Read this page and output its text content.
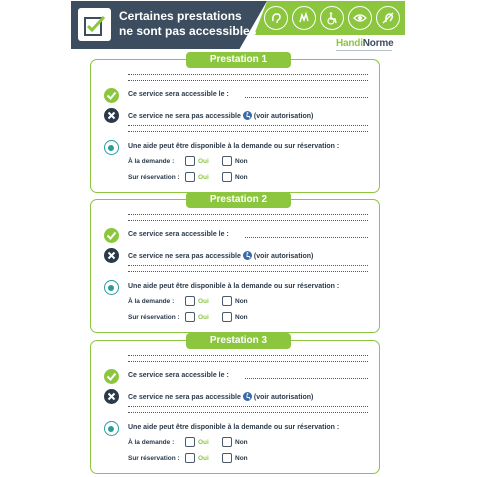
Certaines prestations
ne sont pas accessibles
HandiNorme
Prestation 1
Ce service sera accessible le :
Ce service ne sera pas accessible (voir autorisation)
Une aide peut être disponible à la demande ou sur réservation :
À la demande :	Oui	Non
Sur réservation :	Oui	Non
Prestation 2
Ce service sera accessible le :
Ce service ne sera pas accessible (voir autorisation)
Une aide peut être disponible à la demande ou sur réservation :
À la demande :	Oui	Non
Sur réservation :	Oui	Non
Prestation 3
Ce service sera accessible le :
Ce service ne sera pas accessible (voir autorisation)
Une aide peut être disponible à la demande ou sur réservation :
À la demande :	Oui	Non
Sur réservation :	Oui	Non
